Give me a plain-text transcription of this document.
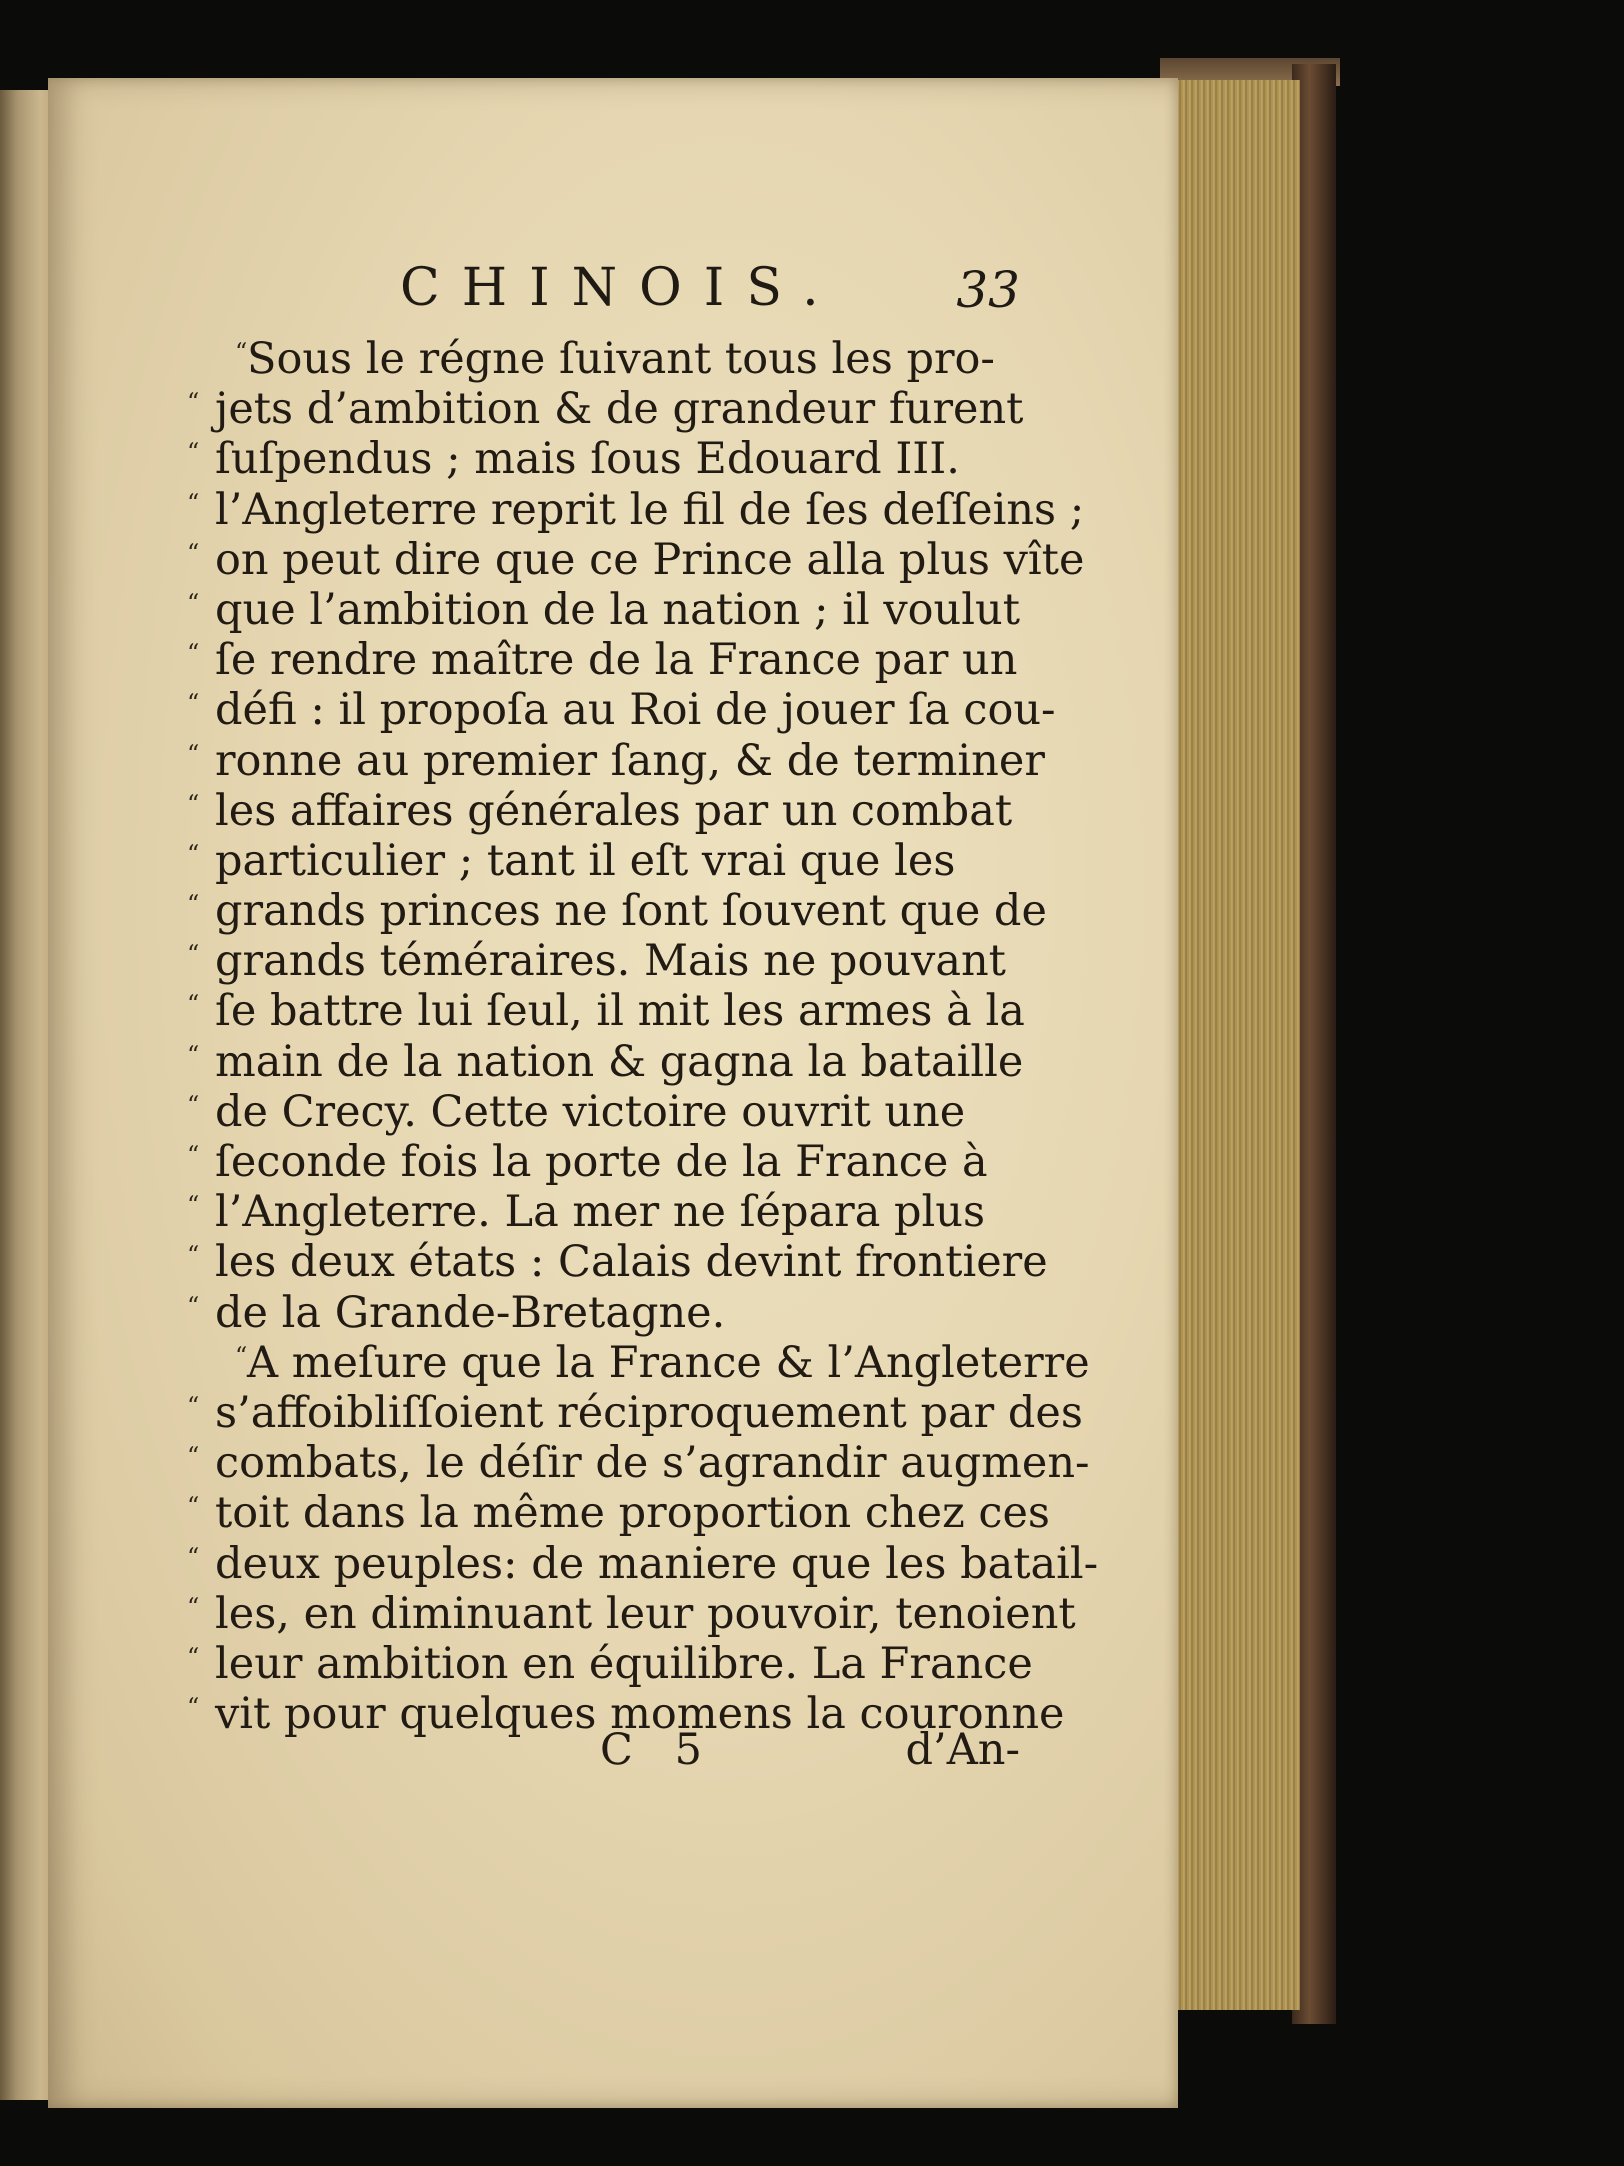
CHINOIS. 33
“ Sous le régne ſuivant tous les pro-
“ jets d’ambition & de grandeur furent
“ ſuſpendus ; mais ſous Edouard III.
“ l’Angleterre reprit le fil de ſes deſſeins ;
“ on peut dire que ce Prince alla plus vîte
“ que l’ambition de la nation ; il voulut
“ ſe rendre maître de la France par un
“ défi : il propoſa au Roi de jouer ſa cou-
“ ronne au premier ſang, & de terminer
“ les affaires générales par un combat
“ particulier ; tant il eſt vrai que les
“ grands princes ne ſont ſouvent que de
“ grands téméraires. Mais ne pouvant
“ ſe battre lui ſeul, il mit les armes à la
“ main de la nation & gagna la bataille
“ de Crecy. Cette victoire ouvrit une
“ ſeconde fois la porte de la France à
“ l’Angleterre. La mer ne ſépara plus
“ les deux états : Calais devint frontiere
“ de la Grande-Bretagne.
“ A meſure que la France & l’Angleterre
“ s’affoibliſſoient réciproquement par des
“ combats, le déſir de s’agrandir augmen-
“ toit dans la même proportion chez ces
“ deux peuples: de maniere que les batail-
“ les, en diminuant leur pouvoir, tenoient
“ leur ambition en équilibre. La France
“ vit pour quelques momens la couronne
C 5	d’An-
